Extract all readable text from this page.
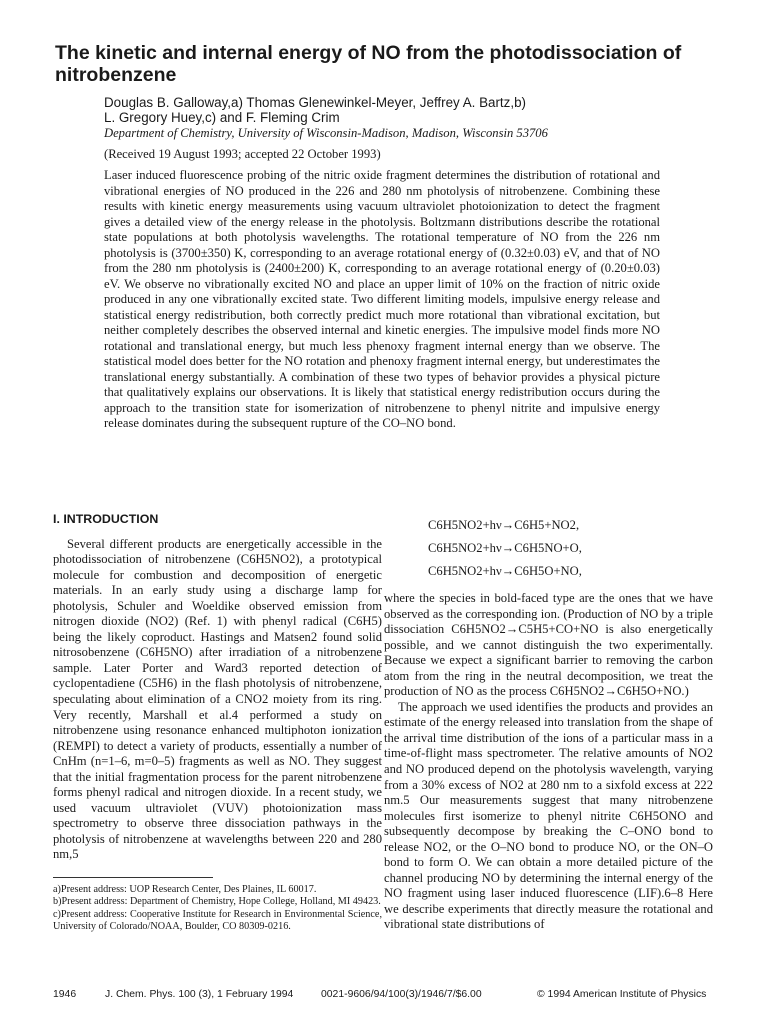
The kinetic and internal energy of NO from the photodissociation of nitrobenzene
Douglas B. Galloway,a) Thomas Glenewinkel-Meyer, Jeffrey A. Bartz,b)
L. Gregory Huey,c) and F. Fleming Crim
Department of Chemistry, University of Wisconsin-Madison, Madison, Wisconsin 53706
(Received 19 August 1993; accepted 22 October 1993)

Laser induced fluorescence probing of the nitric oxide fragment determines the distribution of rotational and vibrational energies of NO produced in the 226 and 280 nm photolysis of nitrobenzene. Combining these results with kinetic energy measurements using vacuum ultraviolet photoionization to detect the fragment gives a detailed view of the energy release in the photolysis. Boltzmann distributions describe the rotational state populations at both photolysis wavelengths. The rotational temperature of NO from the 226 nm photolysis is (3700±350) K, corresponding to an average rotational energy of (0.32±0.03) eV, and that of NO from the 280 nm photolysis is (2400±200) K, corresponding to an average rotational energy of (0.20±0.03) eV. We observe no vibrationally excited NO and place an upper limit of 10% on the fraction of nitric oxide produced in any one vibrationally excited state. Two different limiting models, impulsive energy release and statistical energy redistribution, both correctly predict much more rotational than vibrational excitation, but neither completely describes the observed internal and kinetic energies. The impulsive model finds more NO rotational and translational energy, but much less phenoxy fragment internal energy than we observe. The statistical model does better for the NO rotation and phenoxy fragment internal energy, but underestimates the translational energy substantially. A combination of these two types of behavior provides a physical picture that qualitatively explains our observations. It is likely that statistical energy redistribution occurs during the approach to the transition state for isomerization of nitrobenzene to phenyl nitrite and impulsive energy release dominates during the subsequent rupture of the CO–NO bond.

I. INTRODUCTION

Several different products are energetically accessible in the photodissociation of nitrobenzene (C6H5NO2), a prototypical molecule for combustion and decomposition of energetic materials. In an early study using a discharge lamp for photolysis, Schuler and Woeldike observed emission from nitrogen dioxide (NO2) (Ref. 1) with phenyl radical (C6H5) being the likely coproduct. Hastings and Matsen2 found solid nitrosobenzene (C6H5NO) after irradiation of a nitrobenzene sample. Later Porter and Ward3 reported detection of cyclopentadiene (C5H6) in the flash photolysis of nitrobenzene, speculating about elimination of a CNO2 moiety from its ring. Very recently, Marshall et al.4 performed a study on nitrobenzene using resonance enhanced multiphoton ionization (REMPI) to detect a variety of products, essentially a number of CnHm (n=1–6, m=0–5) fragments as well as NO. They suggest that the initial fragmentation process for the parent nitrobenzene forms phenyl radical and nitrogen dioxide. In a recent study, we used vacuum ultraviolet (VUV) photoionization mass spectrometry to observe three dissociation pathways in the photolysis of nitrobenzene at wavelengths between 220 and 280 nm,5

a)Present address: UOP Research Center, Des Plaines, IL 60017.

b)Present address: Department of Chemistry, Hope College, Holland, MI 49423.

c)Present address: Cooperative Institute for Research in Environmental Science, University of Colorado/NOAA, Boulder, CO 80309-0216.

C6H5NO2+hν→C6H5+NO2,
C6H5NO2+hν→C6H5NO+O,
C6H5NO2+hν→C6H5O+NO,

where the species in bold-faced type are the ones that we have observed as the corresponding ion. (Production of NO by a triple dissociation C6H5NO2→C5H5+CO+NO is also energetically possible, and we cannot distinguish the two experimentally. Because we expect a significant barrier to removing the carbon atom from the ring in the neutral decomposition, we treat the production of NO as the process C6H5NO2→C6H5O+NO.)

The approach we used identifies the products and provides an estimate of the energy released into translation from the shape of the arrival time distribution of the ions of a particular mass in a time-of-flight mass spectrometer. The relative amounts of NO2 and NO produced depend on the photolysis wavelength, varying from a 30% excess of NO2 at 280 nm to a sixfold excess at 222 nm.5 Our measurements suggest that many nitrobenzene molecules first isomerize to phenyl nitrite C6H5ONO and subsequently decompose by breaking the C–ONO bond to release NO2, or the O–NO bond to produce NO, or the ON–O bond to form O. We can obtain a more detailed picture of the channel producing NO by determining the internal energy of the NO fragment using laser induced fluorescence (LIF).6–8 Here we describe experiments that directly measure the rotational and vibrational state distributions of

1946	J. Chem. Phys. 100 (3), 1 February 1994	0021-9606/94/100(3)/1946/7/$6.00	© 1994 American Institute of Physics
